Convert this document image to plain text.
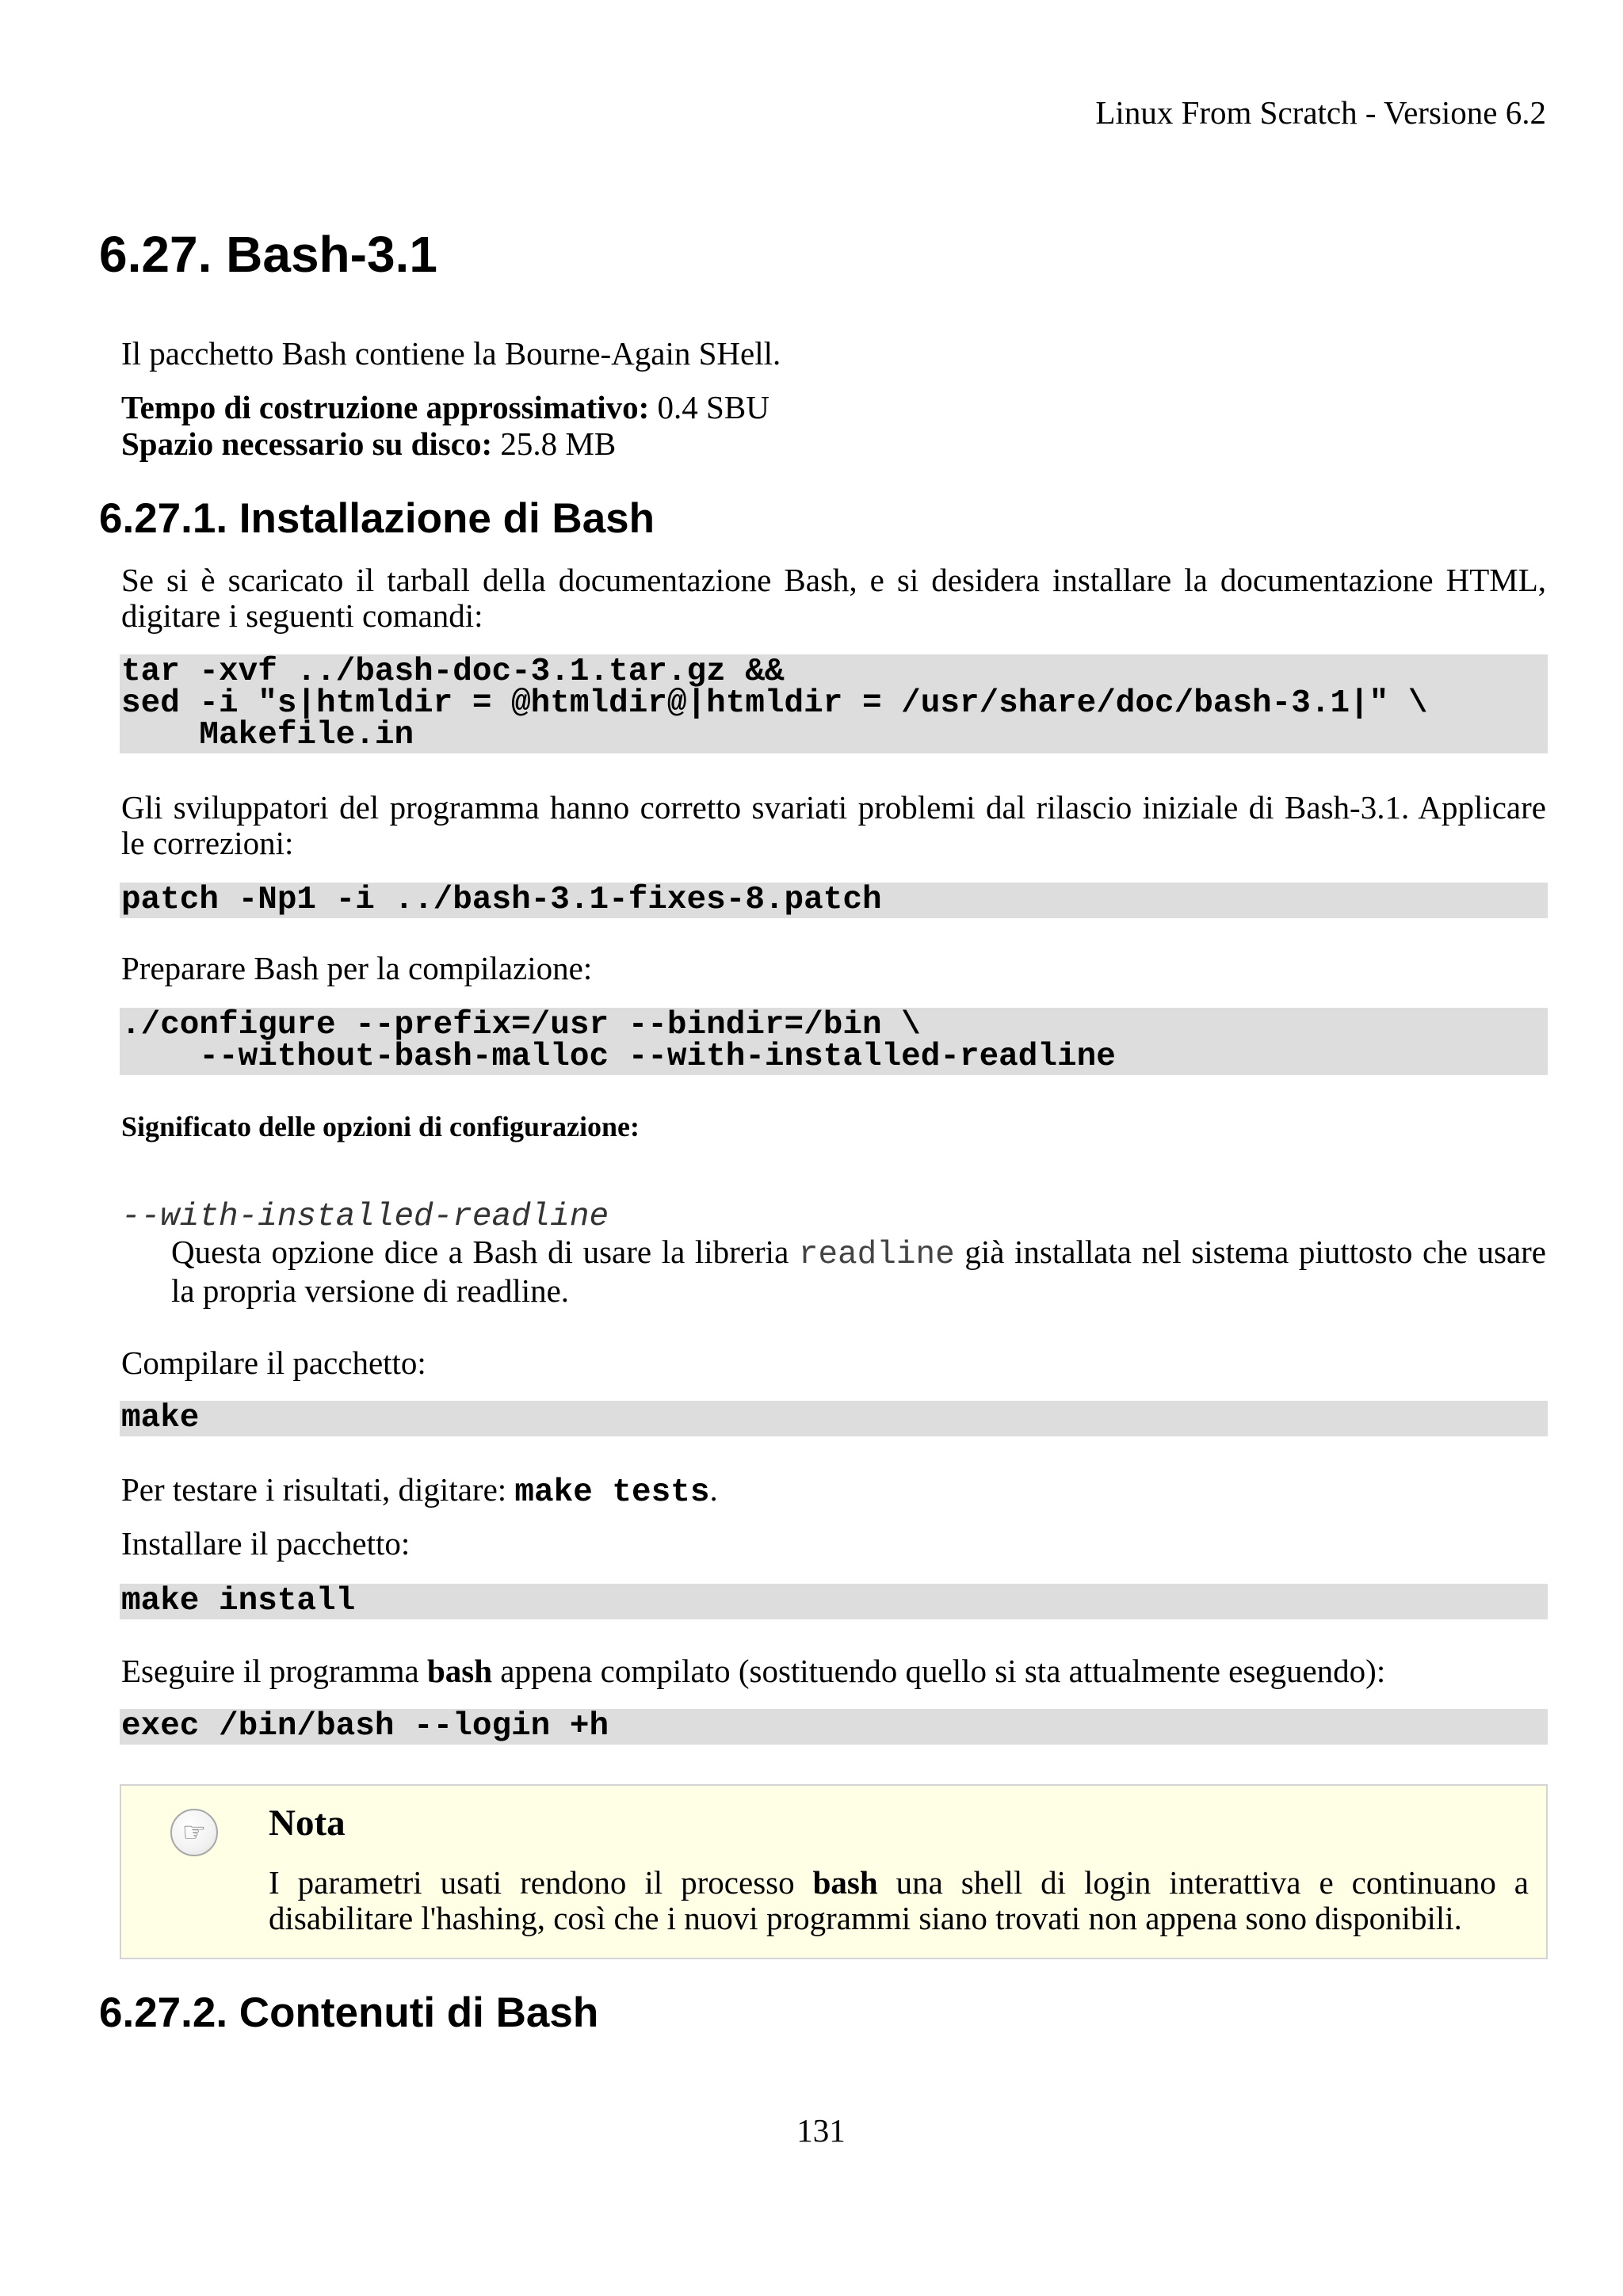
Linux From Scratch - Versione 6.2
6.27. Bash-3.1
Il pacchetto Bash contiene la Bourne-Again SHell.
Tempo di costruzione approssimativo: 0.4 SBU
Spazio necessario su disco: 25.8 MB
6.27.1. Installazione di Bash
Se si è scaricato il tarball della documentazione Bash, e si desidera installare la documentazione HTML,
digitare i seguenti comandi:
tar -xvf ../bash-doc-3.1.tar.gz &&
sed -i "s|htmldir = @htmldir@|htmldir = /usr/share/doc/bash-3.1|" \
Makefile.in
Gli sviluppatori del programma hanno corretto svariati problemi dal rilascio iniziale di Bash-3.1. Applicare
le correzioni:
patch -Np1 -i ../bash-3.1-fixes-8.patch
Preparare Bash per la compilazione:
./configure --prefix=/usr --bindir=/bin \
--without-bash-malloc --with-installed-readline
Significato delle opzioni di configurazione:
--with-installed-readline
Questa opzione dice a Bash di usare la libreria readline già installata nel sistema piuttosto che usare
la propria versione di readline.
Compilare il pacchetto:
make
Per testare i risultati, digitare: make tests.
Installare il pacchetto:
make install
Eseguire il programma bash appena compilato (sostituendo quello si sta attualmente eseguendo):
exec /bin/bash --login +h
☞	Nota
I parametri usati rendono il processo bash una shell di login interattiva e continuano a
disabilitare l'hashing, così che i nuovi programmi siano trovati non appena sono disponibili.
6.27.2. Contenuti di Bash
131
